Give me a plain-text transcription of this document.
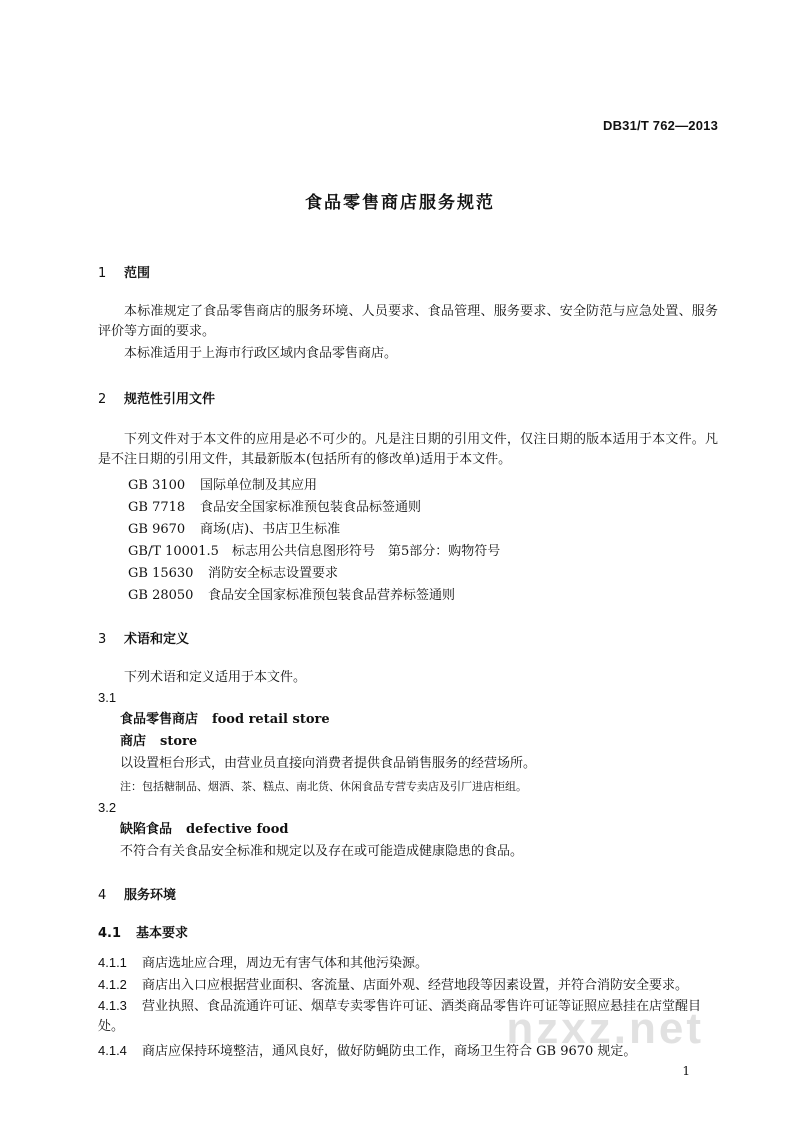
DB31/T 762—2013
食品零售商店服务规范
1 范围
本标准规定了食品零售商店的服务环境、人员要求、食品管理、服务要求、安全防范与应急处置、服务评价等方面的要求。
本标准适用于上海市行政区域内食品零售商店。
2 规范性引用文件
下列文件对于本文件的应用是必不可少的。凡是注日期的引用文件，仅注日期的版本适用于本文件。凡是不注日期的引用文件，其最新版本(包括所有的修改单)适用于本文件。
GB 3100 国际单位制及其应用
GB 7718 食品安全国家标准预包装食品标签通则
GB 9670 商场(店)、书店卫生标准
GB/T 10001.5 标志用公共信息图形符号　第5部分：购物符号
GB 15630 消防安全标志设置要求
GB 28050 食品安全国家标准预包装食品营养标签通则
3 术语和定义
下列术语和定义适用于本文件。
3.1
食品零售商店 food retail store
商店 store
以设置柜台形式，由营业员直接向消费者提供食品销售服务的经营场所。
注：包括糖制品、烟酒、茶、糕点、南北货、休闲食品专营专卖店及引厂进店柜组。
3.2
缺陷食品 defective food
不符合有关食品安全标准和规定以及存在或可能造成健康隐患的食品。
4 服务环境
4.1 基本要求
4.1.1 商店选址应合理，周边无有害气体和其他污染源。
4.1.2 商店出入口应根据营业面积、客流量、店面外观、经营地段等因素设置，并符合消防安全要求。
4.1.3 营业执照、食品流通许可证、烟草专卖零售许可证、酒类商品零售许可证等证照应悬挂在店堂醒目处。
4.1.4 商店应保持环境整洁，通风良好，做好防蝇防虫工作，商场卫生符合 GB 9670 规定。
nzxz.net
1
